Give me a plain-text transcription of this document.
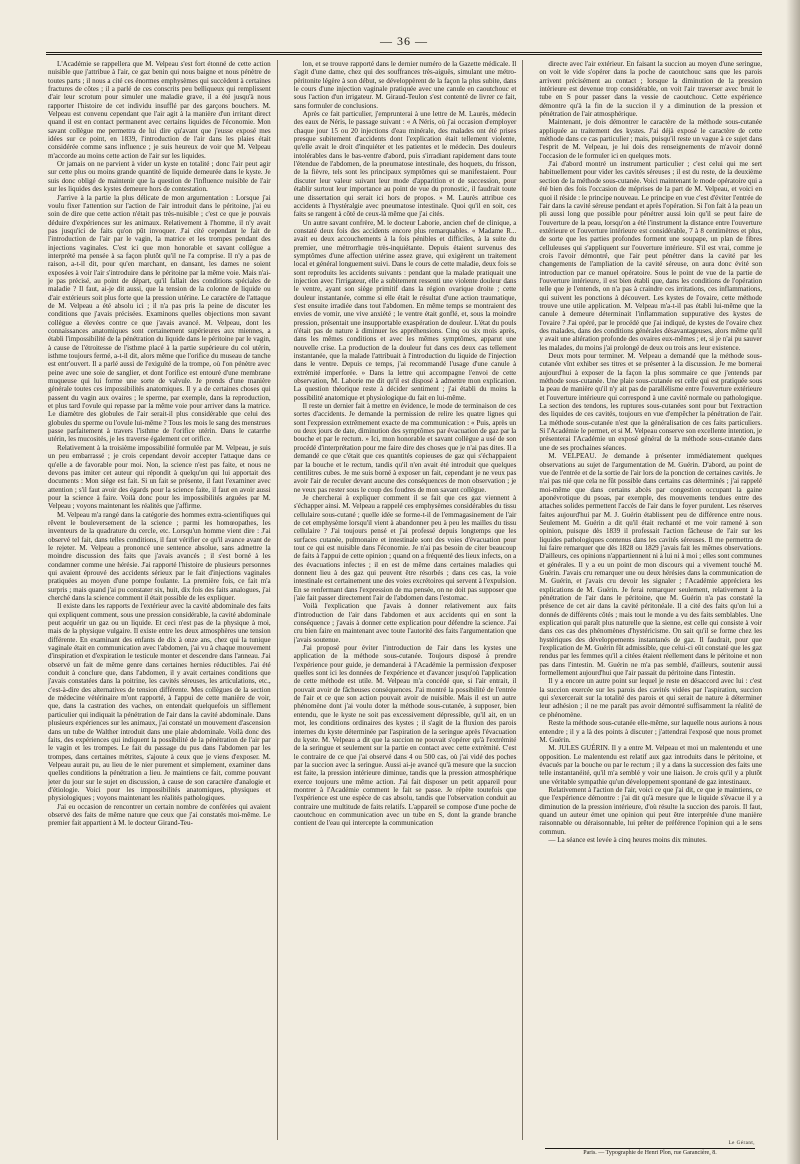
— 36 —

L'Académie se rappellera que M. Velpeau s'est fort étonné de cette action nuisible que j'attribue à l'air, ce gaz benin qui nous baigne et nous pénètre de toutes parts ; il nous a cité ces énormes emphysèmes qui succèdent à certaines fractures de côtes ; il a parlé de ces conscrits peu belliqueux qui remplissent d'air leur scrotum pour simuler une maladie grave, il a été jusqu'à nous rapporter l'histoire de cet individu insufflé par des garçons bouchers. M. Velpeau est convenu cependant que l'air agit à la manière d'un irritant direct quand il est en contact permanent avec certains liquides de l'économie. Mon savant collègue me permettra de lui dire qu'avant que j'eusse exposé mes idées sur ce point, en 1839, l'introduction de l'air dans les plaies était considérée comme sans influence ; je suis heureux de voir que M. Velpeau m'accorde au moins cette action de l'air sur les liquides.

Or jamais on ne parvient à vider un kyste en totalité ; donc l'air peut agir sur cette plus ou moins grande quantité de liquide demeurée dans le kyste. Je suis donc obligé de maintenir que la question de l'influence nuisible de l'air sur les liquides des kystes demeure hors de contestation.

J'arrive à la partie la plus délicate de mon argumentation : Lorsque j'ai voulu fixer l'attention sur l'action de l'air introduit dans le péritoine, j'ai eu soin de dire que cette action n'était pas très-nuisible ; c'est ce que je pouvais déduire d'expériences sur les animaux. Relativement à l'homme, il n'y avait pas jusqu'ici de faits qu'on pût invoquer. J'ai cité cependant le fait de l'introduction de l'air par le vagin, la matrice et les trompes pendant des injections vaginales. C'est ici que mon honorable et savant collègue a interprété ma pensée à sa façon plutôt qu'il ne l'a comprise. Il n'y a pas de raison, a-t-il dit, pour qu'en marchant, en dansant, les dames ne soient exposées à voir l'air s'introduire dans le péritoine par la même voie. Mais n'ai-je pas précisé, au point de départ, qu'il fallait des conditions spéciales de maladie ? Il faut, ai-je dit aussi, que la tension de la colonne de liquide ou d'air extérieurs soit plus forte que la pression utérine. Le caractère de l'attaque de M. Velpeau a été absolu ici ; il n'a pas pris la peine de discuter les conditions que j'avais précisées. Examinons quelles objections mon savant collègue a élevées contre ce que j'avais avancé. M. Velpeau, dont les connaissances anatomiques sont certainement supérieures aux miennes, a établi l'impossibilité de la pénétration du liquide dans le péritoine par le vagin, à cause de l'étroitesse de l'isthme placé à la partie supérieure du col utérin, isthme toujours fermé, a-t-il dit, alors même que l'orifice du museau de tanche est entr'ouvert. Il a parlé aussi de l'exiguïté de la trompe, où l'on pénètre avec peine avec une soie de sanglier, et dont l'orifice est entouré d'une membrane muqueuse qui lui forme une sorte de valvule. Je prends d'une manière générale toutes ces impossibilités anatomiques. Il y a de certaines choses qui passent du vagin aux ovaires ; le sperme, par exemple, dans la reproduction, et plus tard l'ovule qui repasse par la même voie pour arriver dans la matrice. Le diamètre des globules de l'air serait-il plus considérable que celui des globules du sperme ou l'ovule lui-même ? Tous les mois le sang des menstrues passe parfaitement à travers l'isthme de l'orifice utérin. Dans le catarrhe utérin, les mucosités, je les traverse également cet orifice.

Relativement à la troisième impossibilité formulée par M. Velpeau, je suis un peu embarrassé ; je crois cependant devoir accepter l'attaque dans ce qu'elle a de favorable pour moi. Non, la science n'est pas faite, et nous ne devons pas imiter cet auteur qui répondit à quelqu'un qui lui apportait des documents : Mon siège est fait. Si un fait se présente, il faut l'examiner avec attention ; s'il faut avoir des égards pour la science faite, il faut en avoir aussi pour la science à faire. Voilà donc pour les impossibilités arguées par M. Velpeau ; voyons maintenant les réalités que j'affirme.

M. Velpeau m'a rangé dans la catégorie des hommes extra-scientifiques qui rêvent le bouleversement de la science ; parmi les homœopathes, les inventeurs de la quadrature du cercle, etc. Lorsqu'un homme vient dire : J'ai observé tel fait, dans telles conditions, il faut vérifier ce qu'il avance avant de le rejeter. M. Velpeau a prononcé une sentence absolue, sans admettre la moindre discussion des faits que j'avais avancés ; il s'est borné à les condamner comme une hérésie. J'ai rapporté l'histoire de plusieurs personnes qui avaient éprouvé des accidents sérieux par le fait d'injections vaginales pratiquées au moyen d'une pompe foulante. La première fois, ce fait m'a surpris ; mais quand j'ai pu constater six, huit, dix fois des faits analogues, j'ai cherché dans la science comment il était possible de les expliquer.

Il existe dans les rapports de l'extérieur avec la cavité abdominale des faits qui expliquent comment, sous une pression considérable, la cavité abdominale peut acquérir un gaz ou un liquide. Et ceci n'est pas de la physique à moi, mais de la physique vulgaire. Il existe entre les deux atmosphères une tension différente. En examinant des enfants de dix à onze ans, chez qui la tunique vaginale était en communication avec l'abdomen, j'ai vu à chaque mouvement d'inspiration et d'expiration le testicule monter et descendre dans l'anneau. J'ai observé un fait de même genre dans certaines hernies réductibles. J'ai été conduit à conclure que, dans l'abdomen, il y avait certaines conditions que j'avais constatées dans la poitrine, les cavités séreuses, les articulations, etc., c'est-à-dire des alternatives de tension différente. Mes collègues de la section de médecine vétérinaire m'ont rapporté, à l'appui de cette manière de voir, que, dans la castration des vaches, on entendait quelquefois un sifflement particulier qui indiquait la pénétration de l'air dans la cavité abdominale. Dans plusieurs expériences sur les animaux, j'ai constaté un mouvement d'ascension dans un tube de Walther introduit dans une plaie abdominale. Voilà donc des faits, des expériences qui indiquent la possibilité de la pénétration de l'air par le vagin et les trompes. Le fait du passage du pus dans l'abdomen par les trompes, dans certaines métrites, s'ajoute à ceux que je viens d'exposer. M. Velpeau aurait pu, au lieu de le nier purement et simplement, examiner dans quelles conditions la pénétration a lieu. Je maintiens ce fait, comme pouvant jeter du jour sur le sujet en discussion, à cause de son caractère d'analogie et d'étiologie. Voici pour les impossibilités anatomiques, physiques et physiologiques ; voyons maintenant les réalités pathologiques.

J'ai eu occasion de rencontrer un certain nombre de conférées qui avaient observé des faits de même nature que ceux que j'ai constatés moi-même. Le premier fait appartient à M. le docteur Girand-Teu-

lon, et se trouve rapporté dans le dernier numéro de la Gazette médicale. Il s'agit d'une dame, chez qui des souffrances très-aiguës, simulant une métro-péritonite légère à son début, se développèrent de la façon la plus subite, dans le cours d'une injection vaginale pratiquée avec une canule en caoutchouc et sous l'action d'un irrigateur. M. Giraud-Teulon s'est contenté de livrer ce fait, sans formuler de conclusions.

Après ce fait particulier, j'emprunterai à une lettre de M. Laurès, médecin des eaux de Néris, le passage suivant : « A Néris, où j'ai occasion d'employer chaque jour 15 ou 20 injections d'eau minérale, des malades ont été prises presque subitement d'accidents dont l'explication était tellement violente, qu'elle avait le droit d'inquiéter et les patientes et le médecin. Des douleurs intolérables dans le bas-ventre d'abord, puis s'irradiant rapidement dans toute l'étendue de l'abdomen, de la pneumatose intestinale, des hoquets, du frisson, de la fièvre, tels sont les principaux symptômes qui se manifestaient. Pour discuter leur valeur suivant leur mode d'apparition et de succession, pour établir surtout leur importance au point de vue du pronostic, il faudrait toute une dissertation qui serait ici hors de propos. » M. Laurès attribue ces accidents à l'hystéralgie avec pneumatose intestinale. Quoi qu'il en soit, ces faits se rangent à côté de ceux-là même que j'ai cités.

Un autre savant confrère, M. le docteur Laborie, ancien chef de clinique, a constaté deux fois des accidents encore plus remarquables. « Madame R... avait eu deux accouchements à la fois pénibles et difficiles, à la suite du premier, une métrorrhagie très-inquiétante. Depuis étaient survenus des symptômes d'une affection utérine assez grave, qui exigèrent un traitement local et général longuement suivi. Dans le cours de cette maladie, deux fois se sont reproduits les accidents suivants : pendant que la malade pratiquait une injection avec l'irrigateur, elle a subitement ressenti une violente douleur dans le ventre, ayant son siège primitif dans la région ovarique droite ; cette douleur instantanée, comme si elle était le résultat d'une action traumatique, s'est ensuite irradiée dans tout l'abdomen. En même temps se montraient des envies de vomir, une vive anxiété ; le ventre était gonflé, et, sous la moindre pression, présentait une insupportable exaspération de douleur. L'état du pouls n'était pas de nature à diminuer les appréhensions. Cinq ou six mois après, dans les mêmes conditions et avec les mêmes symptômes, apparut une nouvelle crise. La production de la douleur fut dans ces deux cas tellement instantanée, que la malade l'attribuait à l'introduction du liquide de l'injection dans le ventre. Depuis ce temps, j'ai recommandé l'usage d'une canule à extrémité imperforée. » Dans la lettre qui accompagne l'envoi de cette observation, M. Laborie me dit qu'il est disposé à admettre mon explication. La question théorique reste à décider sentiment ; j'ai établi du moins la possibilité anatomique et physiologique du fait en lui-même.

Il reste un dernier fait à mettre en évidence, le mode de terminaison de ces sortes d'accidents. Je demande la permission de relire les quatre lignes qui sont l'expression extrêmement exacte de ma communication : « Puis, après un ou deux jours de date, diminution des symptômes par évacuation de gaz par la bouche et par le rectum. » Ici, mon honorable et savant collègue a usé de son procédé d'interprétation pour me faire dire des choses que je n'ai pas dites. Il a demandé ce que c'était que ces quantités copieuses de gaz qui s'échappaient par la bouche et le rectum, tandis qu'il n'en avait été introduit que quelques centilitres cubes. Je me suis borné à exposer un fait, cependant je ne veux pas avoir l'air de reculer devant aucune des conséquences de mon observation ; je ne veux pas rester sous le coup des foudres de mon savant collègue.

Je chercherai à expliquer comment il se fait que ces gaz viennent à s'échapper ainsi. M. Velpeau a rappelé ces emphysèmes considérables du tissu cellulaire sous-cutané ; quelle idée se forme-t-il de l'emmagasinement de l'air de cet emphysème lorsqu'il vient à abandonner peu à peu les mailles du tissu cellulaire ? J'ai toujours pensé et j'ai professé depuis longtemps que les surfaces cutanée, pulmonaire et intestinale sont des voies d'évacuation pour tout ce qui est nuisible dans l'économie. Je n'ai pas besoin de citer beaucoup de faits à l'appui de cette opinion ; quand on a fréquenté des lieux infects, on a des évacuations infectes ; il en est de même dans certaines maladies qui donnent lieu à des gaz qui peuvent être résorbés ; dans ces cas, la voie intestinale est certainement une des voies excrétoires qui servent à l'expulsion. En se renfermant dans l'expression de ma pensée, on ne doit pas supposer que j'aie fait passer directement l'air de l'abdomen dans l'estomac.

Voilà l'explication que j'avais à donner relativement aux faits d'introduction de l'air dans l'abdomen et aux accidents qui en sont la conséquence ; j'avais à donner cette explication pour défendre la science. J'ai cru bien faire en maintenant avec toute l'autorité des faits l'argumentation que j'avais soutenue.

J'ai proposé pour éviter l'introduction de l'air dans les kystes une application de la méthode sous-cutanée. Toujours disposé à prendre l'expérience pour guide, je demanderai à l'Académie la permission d'exposer quelles sont ici les données de l'expérience et d'avancer jusqu'où l'application de cette méthode est utile. M. Velpeau m'a concédé que, si l'air entrait, il pouvait avoir de fâcheuses conséquences. J'ai montré la possibilité de l'entrée de l'air et ce que son action pouvait avoir de nuisible. Mais il est un autre phénomène dont j'ai voulu doter la méthode sous-cutanée, à supposer, bien entendu, que le kyste ne soit pas excessivement dépressible, qu'il ait, en un mot, les conditions ordinaires des kystes ; il s'agit de la fluxion des parois internes du kyste déterminée par l'aspiration de la seringue après l'évacuation du kyste. M. Velpeau a dit que la succion ne pouvait s'opérer qu'à l'extrémité de la seringue et seulement sur la partie en contact avec cette extrémité. C'est le contraire de ce que j'ai observé dans 4 ou 500 cas, où j'ai vidé des poches par la succion avec la seringue. Aussi ai-je avancé qu'à mesure que la succion est faite, la pression intérieure diminue, tandis que la pression atmosphérique exerce toujours une même action. J'ai fait disposer un petit appareil pour montrer à l'Académie comment le fait se passe. Je répète toutefois que l'expérience est une espèce de cas absolu, tandis que l'observation conduit au contraire une multitude de faits relatifs. L'appareil se compose d'une poche de caoutchouc en communication avec un tube en S, dont la grande branche contient de l'eau qui intercepte la communication

directe avec l'air extérieur. En faisant la succion au moyen d'une seringue, on voit le vide s'opérer dans la poche de caoutchouc sans que les parois arrivent précisément au contact ; lorsque la diminution de la pression intérieure est devenue trop considérable, on voit l'air traverser avec bruit le tube en S pour passer dans la vessie de caoutchouc. Cette expérience démontre qu'à la fin de la succion il y a diminution de la pression et pénétration de l'air atmosphérique.

Maintenant, je dois démontrer le caractère de la méthode sous-cutanée appliquée au traitement des kystes. J'ai déjà exposé le caractère de cette méthode dans ce cas particulier ; mais, puisqu'il reste un vague à ce sujet dans l'esprit de M. Velpeau, je lui dois des renseignements de m'avoir donné l'occasion de le formuler ici en quelques mots.

J'ai d'abord montré un instrument particulier ; c'est celui qui me sert habituellement pour vider les cavités séreuses ; il est du reste, de la deuxième section de la méthode sous-cutanée. Voici maintenant le mode opératoire qui a été bien des fois l'occasion de méprises de la part de M. Velpeau, et voici en quoi il réside : le principe nouveau. Le principe en vue c'est d'éviter l'entrée de l'air dans la cavité séreuse pendant et après l'opération. Si l'on fait à la peau un pli aussi long que possible pour pénétrer aussi loin qu'il se peut faire de l'ouverture de la peau, lorsqu'on a été l'instrument la distance entre l'ouverture extérieure et l'ouverture intérieure est considérable, 7 à 8 centimètres et plus, de sorte que les parties profondes forment une soupape, un plan de fibres celluleuses qui s'appliquent sur l'ouverture intérieure. S'il est vrai, comme je crois l'avoir démontré, que l'air peut pénétrer dans la cavité par les changements de l'ampliation de la cavité séreuse, on aura donc évité son introduction par ce manuel opératoire. Sous le point de vue de la partie de l'ouverture intérieure, il est bien établi que, dans les conditions de l'opération telle que je l'entends, on n'a pas à craindre ces irritations, ces inflammations, qui suivent les ponctions à découvert. Les kystes de l'ovaire, cette méthode trouve une utile application. M. Velpeau m'a-t-il pas établi lui-même que la canule à demeure déterminait l'inflammation suppurative des kystes de l'ovaire ? J'ai opéré, par le procédé que j'ai indiqué, de kystes de l'ovaire chez des malades, dans des conditions générales désavantageuses, alors même qu'il y avait une altération profonde des ovaires eux-mêmes ; et, si je n'ai pu sauver les malades, du moins j'ai prolongé de deux ou trois ans leur existence.

Deux mots pour terminer. M. Velpeau a demandé que la méthode sous-cutanée vînt exhiber ses titres et se présenter à la discussion. Je me bornerai aujourd'hui à exposer de la façon la plus sommaire ce que j'entends par méthode sous-cutanée. Une plaie sous-cutanée est celle qui est pratiquée sous la peau de manière qu'il n'y ait pas de parallélisme entre l'ouverture extérieure et l'ouverture intérieure qui correspond à une cavité normale ou pathologique. La section des tendons, les ruptures sous-cutanées sont pour but l'extraction des liquides de ces cavités, toujours en vue d'empêcher la pénétration de l'air. La méthode sous-cutanée n'est que la généralisation de ces faits particuliers. Si l'Académie le permet, et si M. Velpeau conserve son excellente intention, je présenterai l'Académie un exposé général de la méthode sous-cutanée dans une de ses prochaines séances.

M. VELPEAU. Je demande à présenter immédiatement quelques observations au sujet de l'argumentation de M. Guérin. D'abord, au point de vue de l'entrée et de la sortie de l'air lors de la ponction de certaines cavités. Je n'ai pas nié que cela ne fût possible dans certains cas déterminés ; j'ai rappelé moi-même que dans certains abcès par congestion occupant la gaine aponévrotique du psoas, par exemple, des mouvements tendues entre des attaches solides permettent l'accès de l'air dans le foyer purulent. Les réserves faites aujourd'hui par M. J. Guérin établissent peu de différence entre nous. Seulement M. Guérin a dit qu'il était rechanté et me voir ramené à son opinion, puisque dès 1839 il professait l'action fâcheuse de l'air sur les liquides pathologiques contenus dans les cavités séreuses. Il me permettra de lui faire remarquer que dès 1828 ou 1829 j'avais fait les mêmes observations. D'ailleurs, ces opinions n'appartiennent ni à lui ni à moi ; elles sont communes et générales. Il y a eu un point de mon discours qui a vivement touché M. Guérin. J'avais cru remarquer une ou deux hérésies dans la communication de M. Guérin, et j'avais cru devoir les signaler ; l'Académie appréciera les explications de M. Guérin. Je ferai remarquer seulement, relativement à la pénétration de l'air dans le péritoine, que M. Guérin n'a pas constaté la présence de cet air dans la cavité péritonéale. Il a cité des faits qu'on lui a donnés de différents côtés ; mais tout le monde a vu des faits semblables. Une explication qui paraît plus naturelle que la sienne, est celle qui consiste à voir dans ces cas des phénomènes d'hystéricisme. On sait qu'il se forme chez les hystériques des développements instantanés de gaz. Il faudrait, pour que l'explication de M. Guérin fût admissible, que celui-ci eût constaté que les gaz rendus par les femmes qu'il a citées étaient réellement dans le péritoine et non pas dans l'intestin. M. Guérin ne m'a pas semblé, d'ailleurs, soutenir aussi formellement aujourd'hui que l'air passait du péritoine dans l'intestin.

Il y a encore un autre point sur lequel je reste en désaccord avec lui : c'est la succion exercée sur les parois des cavités vidées par l'aspiration, succion qui s'exercerait sur la totalité des parois et qui serait de nature à déterminer leur adhésion ; il ne me paraît pas avoir démontré suffisamment la réalité de ce phénomène.

Reste la méthode sous-cutanée elle-même, sur laquelle nous aurions à nous entendre ; il y a là des points à discuter ; j'attendrai l'exposé que nous promet M. Guérin.

M. JULES GUÉRIN. Il y a entre M. Velpeau et moi un malentendu et une opposition. Le malentendu est relatif aux gaz introduits dans le péritoine, et évacués par la bouche ou par le rectum ; il y a dans la succession des faits une telle instantanéité, qu'il m'a semblé y voir une liaison. Je crois qu'il y a plutôt une véritable sympathie qu'un développement spontané de gaz intestinaux.

Relativement à l'action de l'air, voici ce que j'ai dit, ce que je maintiens, ce que l'expérience démontre : j'ai dit qu'à mesure que le liquide s'évacue il y a diminution de la pression intérieure, d'où résulte la succion des parois. Il faut, quand un auteur émet une opinion qui peut être interprétée d'une manière raisonnable ou déraisonnable, lui prêter de préférence l'opinion qui a le sens commun.

— La séance est levée à cinq heures moins dix minutes.

Le Gérant,
Paris. — Typographie de Henri Plon, rue Garancière, 8.
